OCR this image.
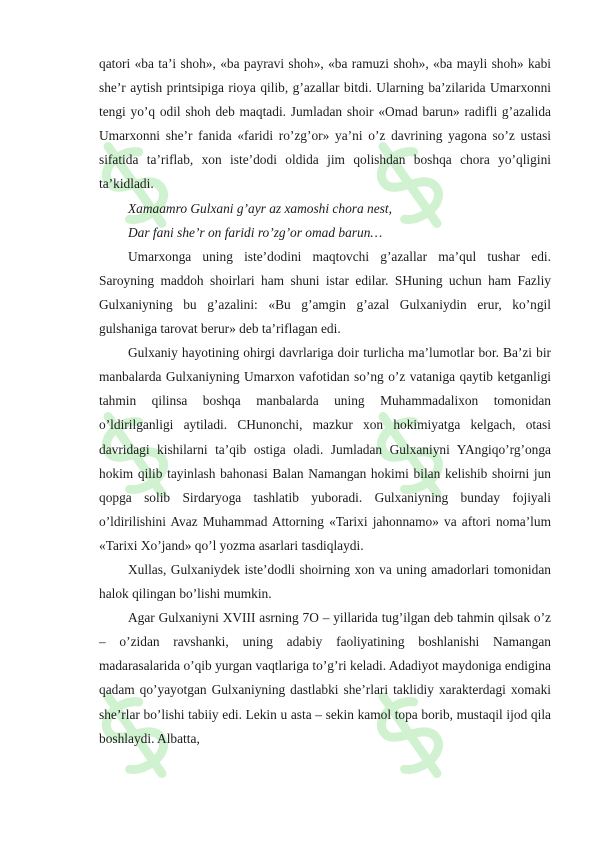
qatori «ba ta’i shoh», «ba payravi shoh», «ba ramuzi shoh», «ba mayli shoh» kabi she’r aytish printsipiga rioya qilib, g’azallar bitdi. Ularning ba’zilarida Umarxonni tengi yo’q odil shoh deb maqtadi. Jumladan shoir «Omad barun» radifli g’azalida Umarxonni she’r fanida «faridi ro’zg’or» ya’ni o’z davrining yagona so’z ustasi sifatida ta’riflab, xon iste’dodi oldida jim qolishdan boshqa chora yo’qligini ta’kidladi.

Xamaamro Gulxani g’ayr az xamoshi chora nest,

Dar fani she’r on faridi ro’zg’or omad barun…

Umarxonga uning iste’dodini maqtovchi g’azallar ma’qul tushar edi. Saroyning maddoh shoirlari ham shuni istar edilar. SHuning uchun ham Fazliy Gulxaniyning bu g’azalini: «Bu g’amgin g’azal Gulxaniydin erur, ko’ngil gulshaniga tarovat berur» deb ta’riflagan edi.

Gulxaniy hayotining ohirgi davrlariga doir turlicha ma’lumotlar bor. Ba’zi bir manbalarda Gulxaniyning Umarxon vafotidan so’ng o’z vataniga qaytib ketganligi tahmin qilinsa boshqa manbalarda uning Muhammadalixon tomonidan o’ldirilganligi aytiladi. CHunonchi, mazkur xon hokimiyatga kelgach, otasi davridagi kishilarni ta’qib ostiga oladi. Jumladan Gulxaniyni YAngiqo’rg’onga hokim qilib tayinlash bahonasi Balan Namangan hokimi bilan kelishib shoirni jun qopga solib Sirdaryoga tashlatib yuboradi. Gulxaniyning bunday fojiyali o’ldirilishini Avaz Muhammad Attorning «Tarixi jahonnamo» va aftori noma’lum «Tarixi Xo’jand» qo’l yozma asarlari tasdiqlaydi.

Xullas, Gulxaniydek iste’dodli shoirning xon va uning amadorlari tomonidan halok qilingan bo’lishi mumkin.

Agar Gulxaniyni XVIII asrning 7O – yillarida tug’ilgan deb tahmin qilsak o’z – o’zidan ravshanki, uning adabiy faoliyatining boshlanishi Namangan madarasalarida o’qib yurgan vaqtlariga to’g’ri keladi. Adadiyot maydoniga endigina qadam qo’yayotgan Gulxaniyning dastlabki she’rlari taklidiy xarakterdagi xomaki she’rlar bo’lishi tabiiy edi. Lekin u asta – sekin kamol topa borib, mustaqil ijod qila boshlaydi. Albatta,
